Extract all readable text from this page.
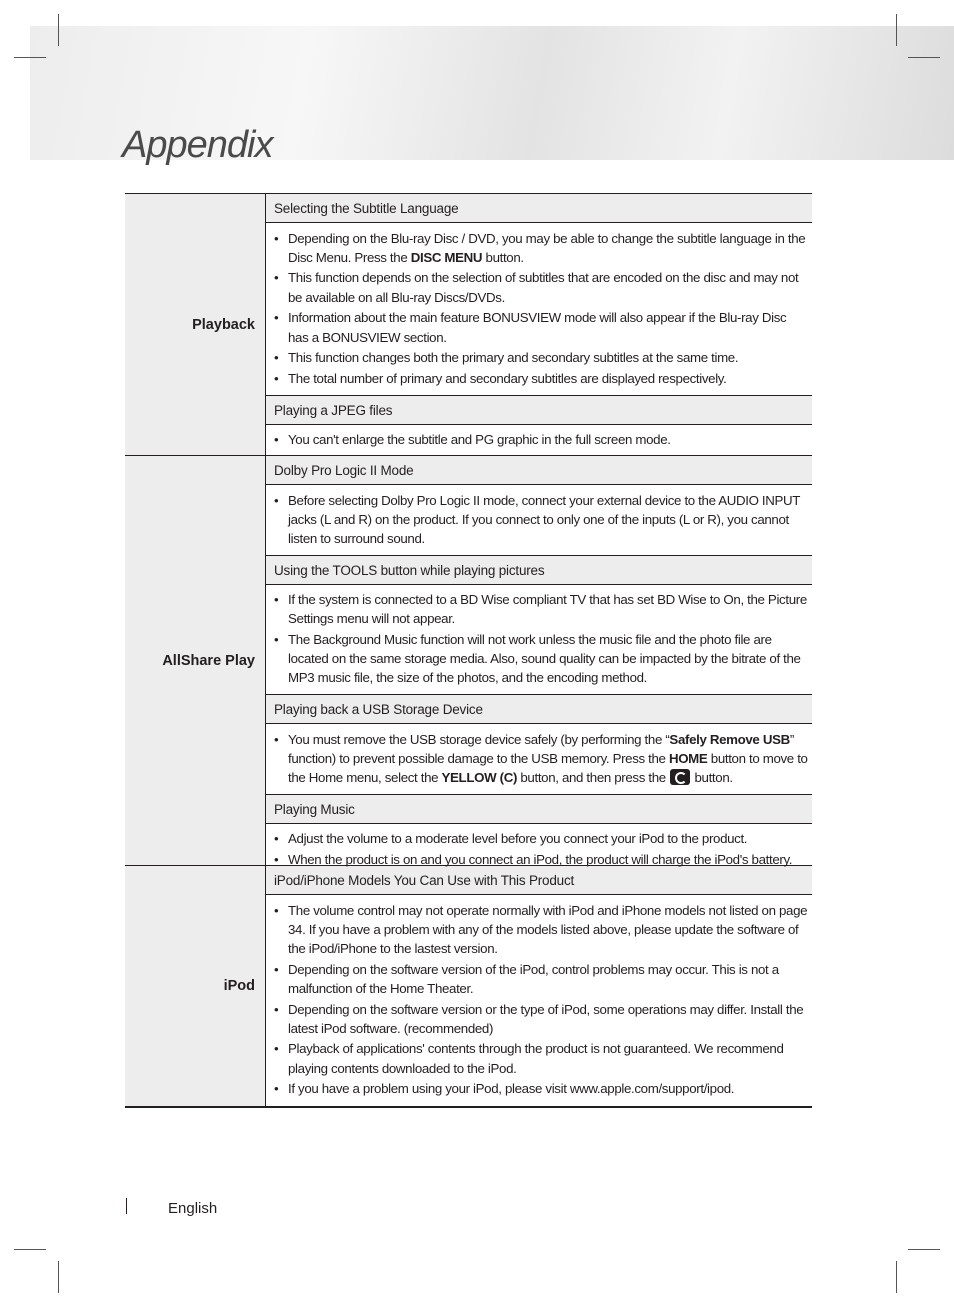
Appendix
Playback
Selecting the Subtitle Language
• Depending on the Blu-ray Disc / DVD, you may be able to change the subtitle language in the Disc Menu. Press the DISC MENU button.
• This function depends on the selection of subtitles that are encoded on the disc and may not be available on all Blu-ray Discs/DVDs.
• Information about the main feature BONUSVIEW mode will also appear if the Blu-ray Disc has a BONUSVIEW section.
• This function changes both the primary and secondary subtitles at the same time.
• The total number of primary and secondary subtitles are displayed respectively.
Playing a JPEG files
• You can't enlarge the subtitle and PG graphic in the full screen mode.
AllShare Play
Dolby Pro Logic II Mode
• Before selecting Dolby Pro Logic II mode, connect your external device to the AUDIO INPUT jacks (L and R) on the product. If you connect to only one of the inputs (L or R), you cannot listen to surround sound.
Using the TOOLS button while playing pictures
• If the system is connected to a BD Wise compliant TV that has set BD Wise to On, the Picture Settings menu will not appear.
• The Background Music function will not work unless the music file and the photo file are located on the same storage media. Also, sound quality can be impacted by the bitrate of the MP3 music file, the size of the photos, and the encoding method.
Playing back a USB Storage Device
• You must remove the USB storage device safely (by performing the “Safely Remove USB” function) to prevent possible damage to the USB memory. Press the HOME button to move to the Home menu, select the YELLOW (C) button, and then press the  button.
Playing Music
• Adjust the volume to a moderate level before you connect your iPod to the product.
• When the product is on and you connect an iPod, the product will charge the iPod's battery.
iPod
iPod/iPhone Models You Can Use with This Product
• The volume control may not operate normally with iPod and iPhone models not listed on page 34. If you have a problem with any of the models listed above, please update the software of the iPod/iPhone to the lastest version.
• Depending on the software version of the iPod, control problems may occur. This is not a malfunction of the Home Theater.
• Depending on the software version or the type of iPod, some operations may differ. Install the latest iPod software. (recommended)
• Playback of applications' contents through the product is not guaranteed. We recommend playing contents downloaded to the iPod.
• If you have a problem using your iPod, please visit www.apple.com/support/ipod.
English
